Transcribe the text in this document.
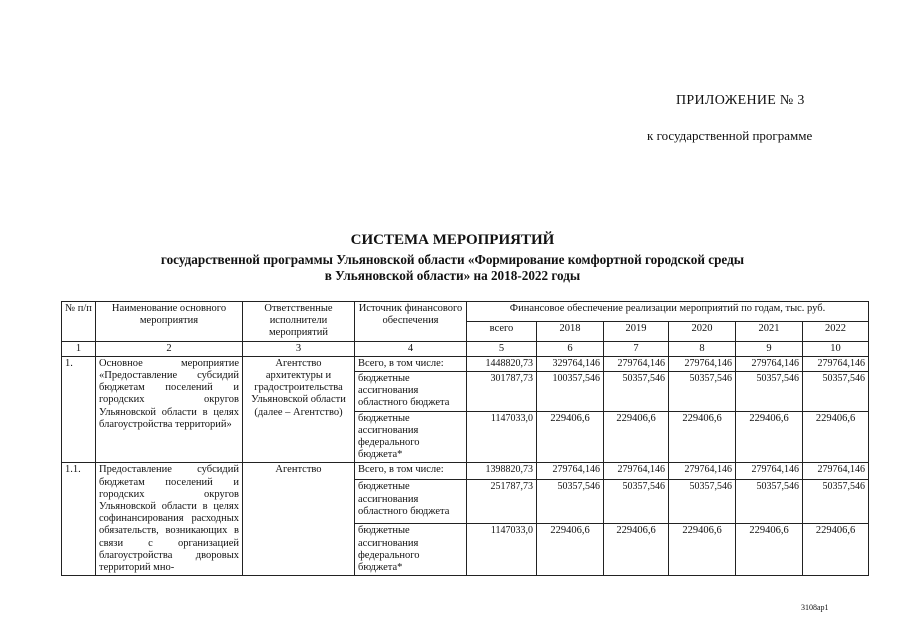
ПРИЛОЖЕНИЕ № 3
к государственной программе
СИСТЕМА МЕРОПРИЯТИЙ
государственной программы Ульяновской области «Формирование комфортной городской среды
в Ульяновской области» на 2018-2022 годы
№ п/п	Наименование основного мероприятия	Ответственные исполнители мероприятий	Источник финансового обеспечения	Финансовое обеспечение реализации мероприятий по годам, тыс. руб.					
				всего	2018	2019	2020	2021	2022
1	2	3	4	5	6	7	8	9	10
1.	Основное мероприятие «Предоставление субсидий бюджетам поселений и городских округов Ульяновской области в целях благоустройства территорий»	Агентство архитектуры и градостроительства Ульяновской области (далее – Агентство)	Всего, в том числе:	1448820,73	329764,146	279764,146	279764,146	279764,146	279764,146
			бюджетные ассигнования областного бюджета	301787,73	100357,546	50357,546	50357,546	50357,546	50357,546
			бюджетные ассигнования федерального бюджета*	1147033,0	229406,6	229406,6	229406,6	229406,6	229406,6
1.1.	Предоставление субсидий бюджетам поселений и городских округов Ульяновской области в целях софинансирования расходных обязательств, возникающих в связи с организацией благоустройства дворовых территорий мно-	Агентство	Всего, в том числе:	1398820,73	279764,146	279764,146	279764,146	279764,146	279764,146
			бюджетные ассигнования областного бюджета	251787,73	50357,546	50357,546	50357,546	50357,546	50357,546
			бюджетные ассигнования федерального бюджета*	1147033,0	229406,6	229406,6	229406,6	229406,6	229406,6
3108ap1
